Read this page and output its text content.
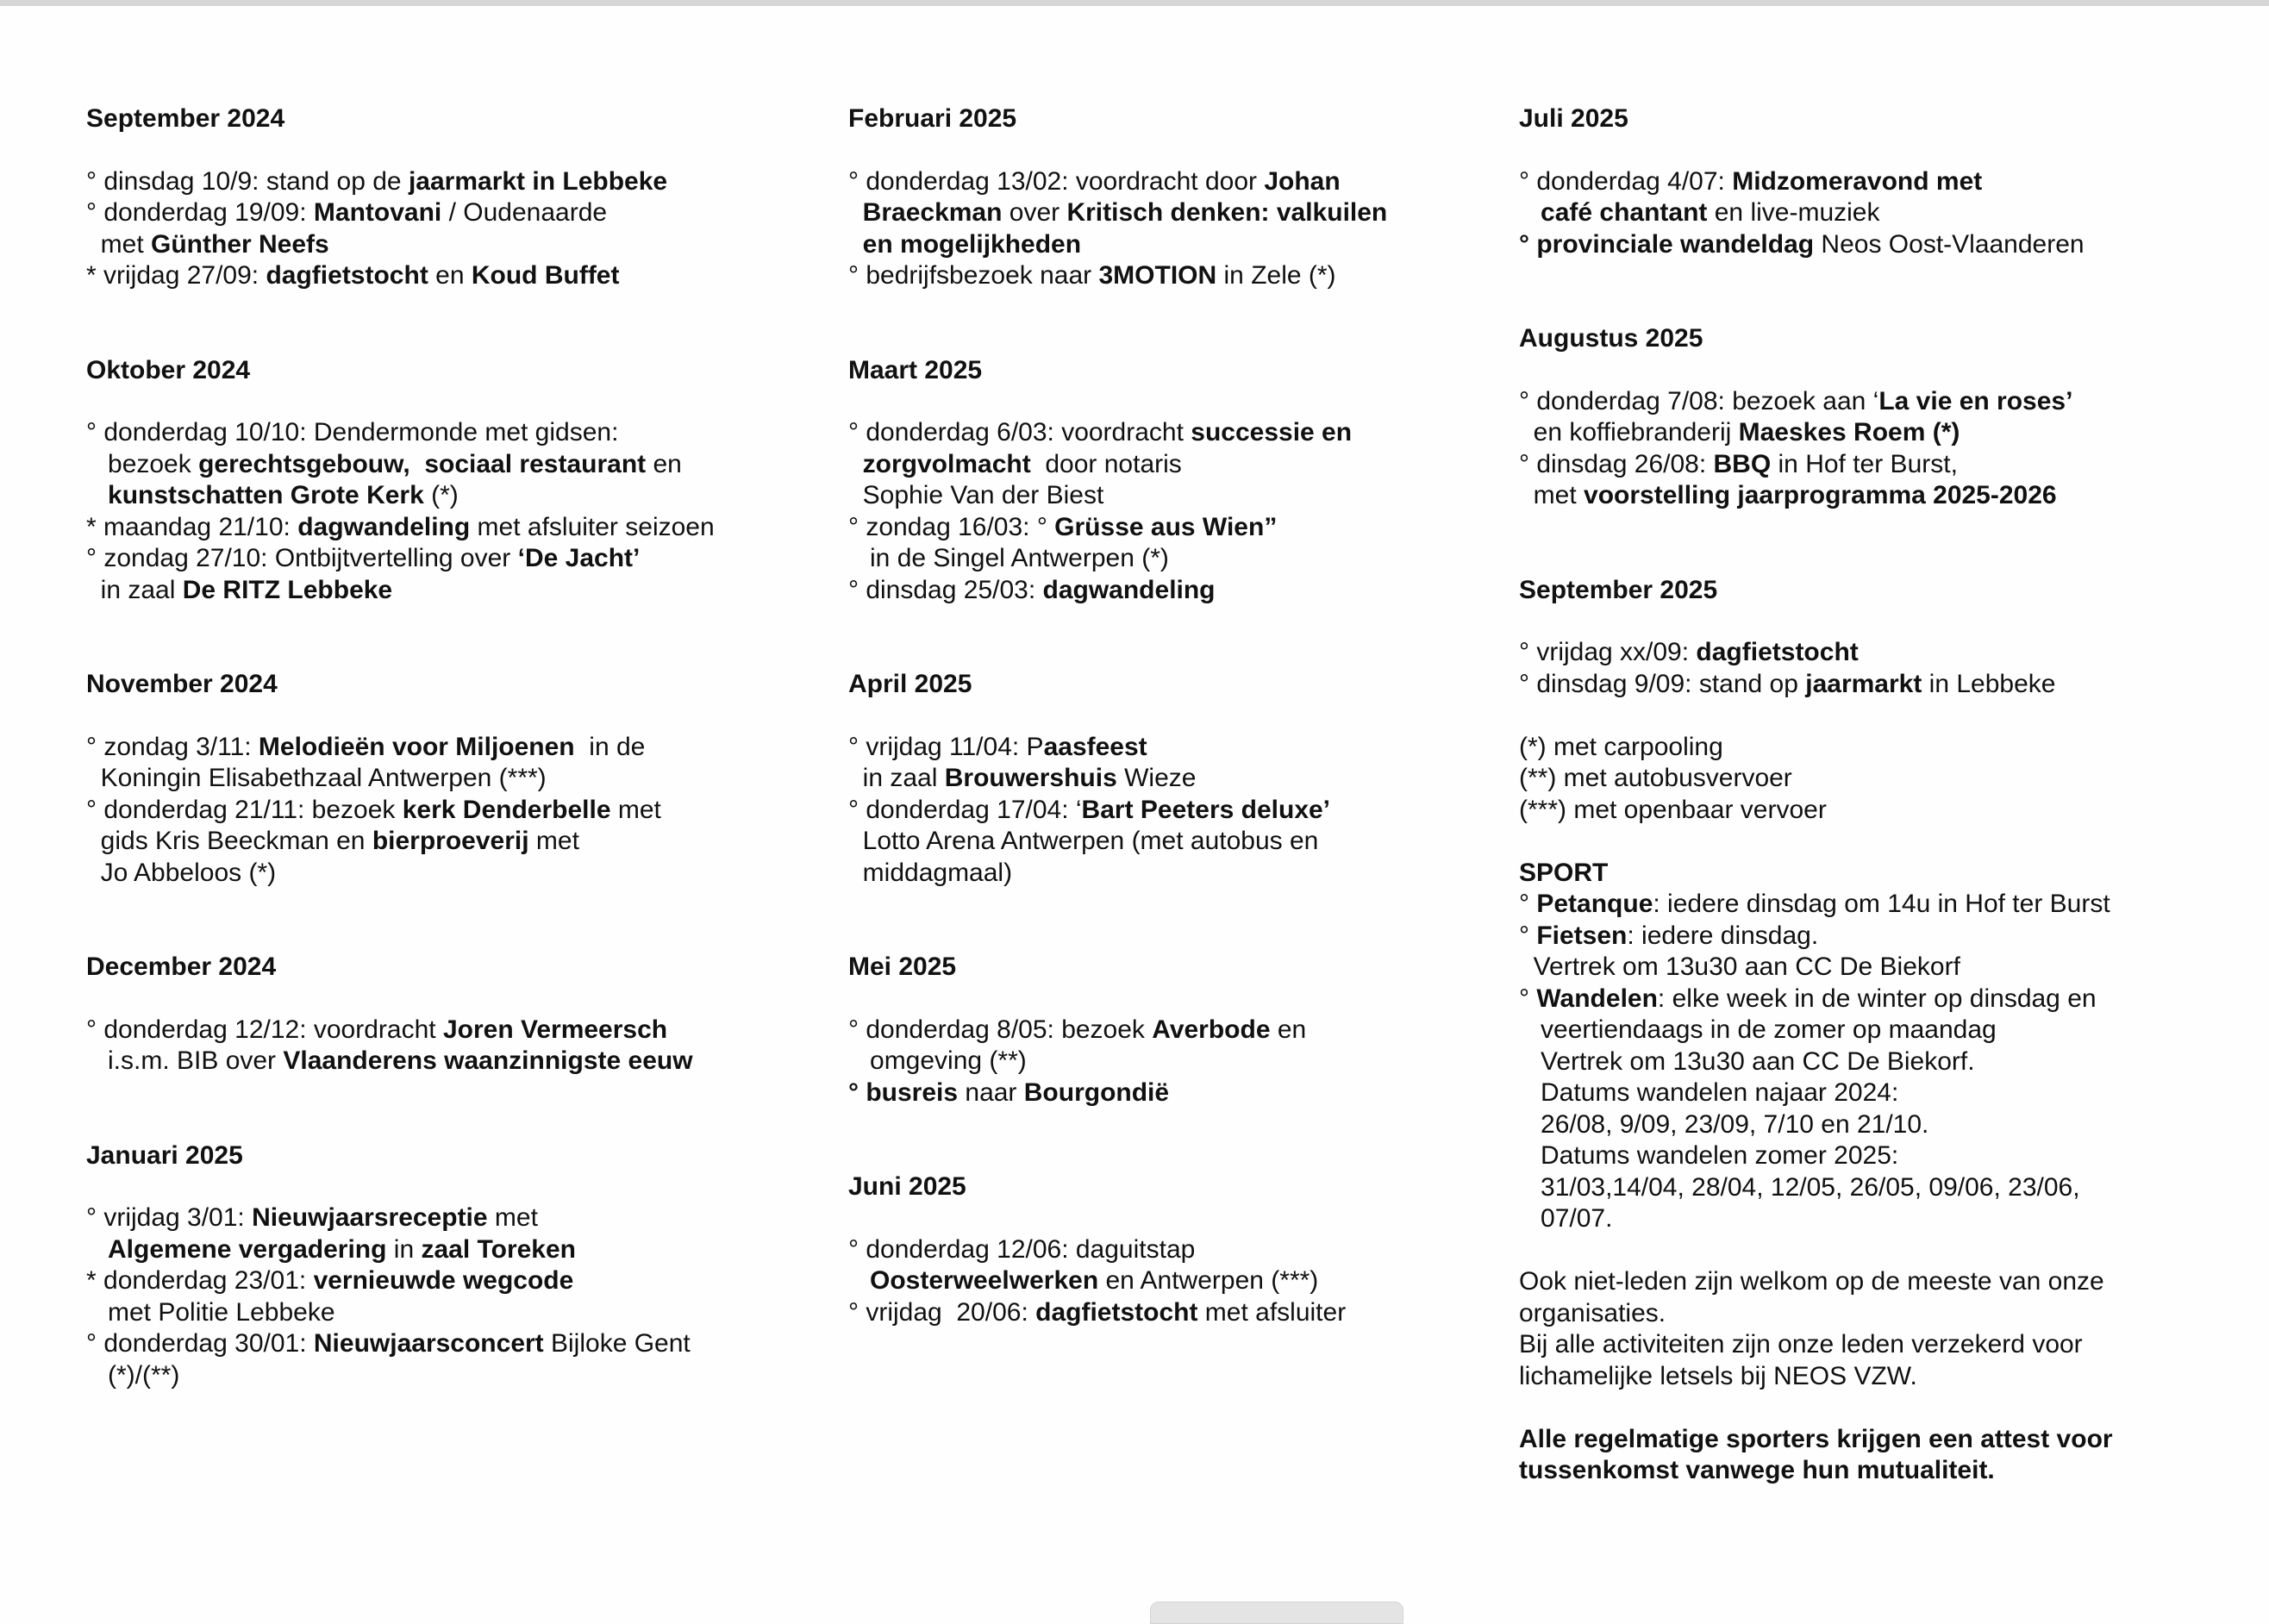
September 2024
° dinsdag 10/9: stand op de jaarmarkt in Lebbeke
° donderdag 19/09: Mantovani / Oudenaarde
met Günther Neefs
* vrijdag 27/09: dagfietstocht en Koud Buffet
Oktober 2024
° donderdag 10/10: Dendermonde met gidsen:
bezoek gerechtsgebouw,  sociaal restaurant en
kunstschatten Grote Kerk (*)
* maandag 21/10: dagwandeling met afsluiter seizoen
° zondag 27/10: Ontbijtvertelling over ‘De Jacht’
in zaal De RITZ Lebbeke
November 2024
° zondag 3/11: Melodieën voor Miljoenen  in de
Koningin Elisabethzaal Antwerpen (***)
° donderdag 21/11: bezoek kerk Denderbelle met
gids Kris Beeckman en bierproeverij met
Jo Abbeloos (*)
December 2024
° donderdag 12/12: voordracht Joren Vermeersch
i.s.m. BIB over Vlaanderens waanzinnigste eeuw
Januari 2025
° vrijdag 3/01: Nieuwjaarsreceptie met
Algemene vergadering in zaal Toreken
* donderdag 23/01: vernieuwde wegcode
met Politie Lebbeke
° donderdag 30/01: Nieuwjaarsconcert Bijloke Gent
(*)/(**)
Februari 2025
° donderdag 13/02: voordracht door Johan
Braeckman over Kritisch denken: valkuilen
en mogelijkheden
° bedrijfsbezoek naar 3MOTION in Zele (*)
Maart 2025
° donderdag 6/03: voordracht successie en
zorgvolmacht  door notaris
Sophie Van der Biest
° zondag 16/03: ° Grüsse aus Wien”
in de Singel Antwerpen (*)
° dinsdag 25/03: dagwandeling
April 2025
° vrijdag 11/04: Paasfeest
in zaal Brouwershuis Wieze
° donderdag 17/04: ‘Bart Peeters deluxe’
Lotto Arena Antwerpen (met autobus en
middagmaal)
Mei 2025
° donderdag 8/05: bezoek Averbode en
omgeving (**)
° busreis naar Bourgondië
Juni 2025
° donderdag 12/06: daguitstap
Oosterweelwerken en Antwerpen (***)
° vrijdag  20/06: dagfietstocht met afsluiter
Juli 2025
° donderdag 4/07: Midzomeravond met
café chantant en live-muziek
° provinciale wandeldag Neos Oost-Vlaanderen
Augustus 2025
° donderdag 7/08: bezoek aan ‘La vie en roses’
en koffiebranderij Maeskes Roem (*)
° dinsdag 26/08: BBQ in Hof ter Burst,
met voorstelling jaarprogramma 2025-2026
September 2025
° vrijdag xx/09: dagfietstocht
° dinsdag 9/09: stand op jaarmarkt in Lebbeke
(*) met carpooling
(**) met autobusvervoer
(***) met openbaar vervoer
SPORT
° Petanque: iedere dinsdag om 14u in Hof ter Burst
° Fietsen: iedere dinsdag.
Vertrek om 13u30 aan CC De Biekorf
° Wandelen: elke week in de winter op dinsdag en
veertiendaags in de zomer op maandag
Vertrek om 13u30 aan CC De Biekorf.
Datums wandelen najaar 2024:
26/08, 9/09, 23/09, 7/10 en 21/10.
Datums wandelen zomer 2025:
31/03,14/04, 28/04, 12/05, 26/05, 09/06, 23/06,
07/07.
Ook niet-leden zijn welkom op de meeste van onze
organisaties.
Bij alle activiteiten zijn onze leden verzekerd voor
lichamelijke letsels bij NEOS VZW.
Alle regelmatige sporters krijgen een attest voor
tussenkomst vanwege hun mutualiteit.
